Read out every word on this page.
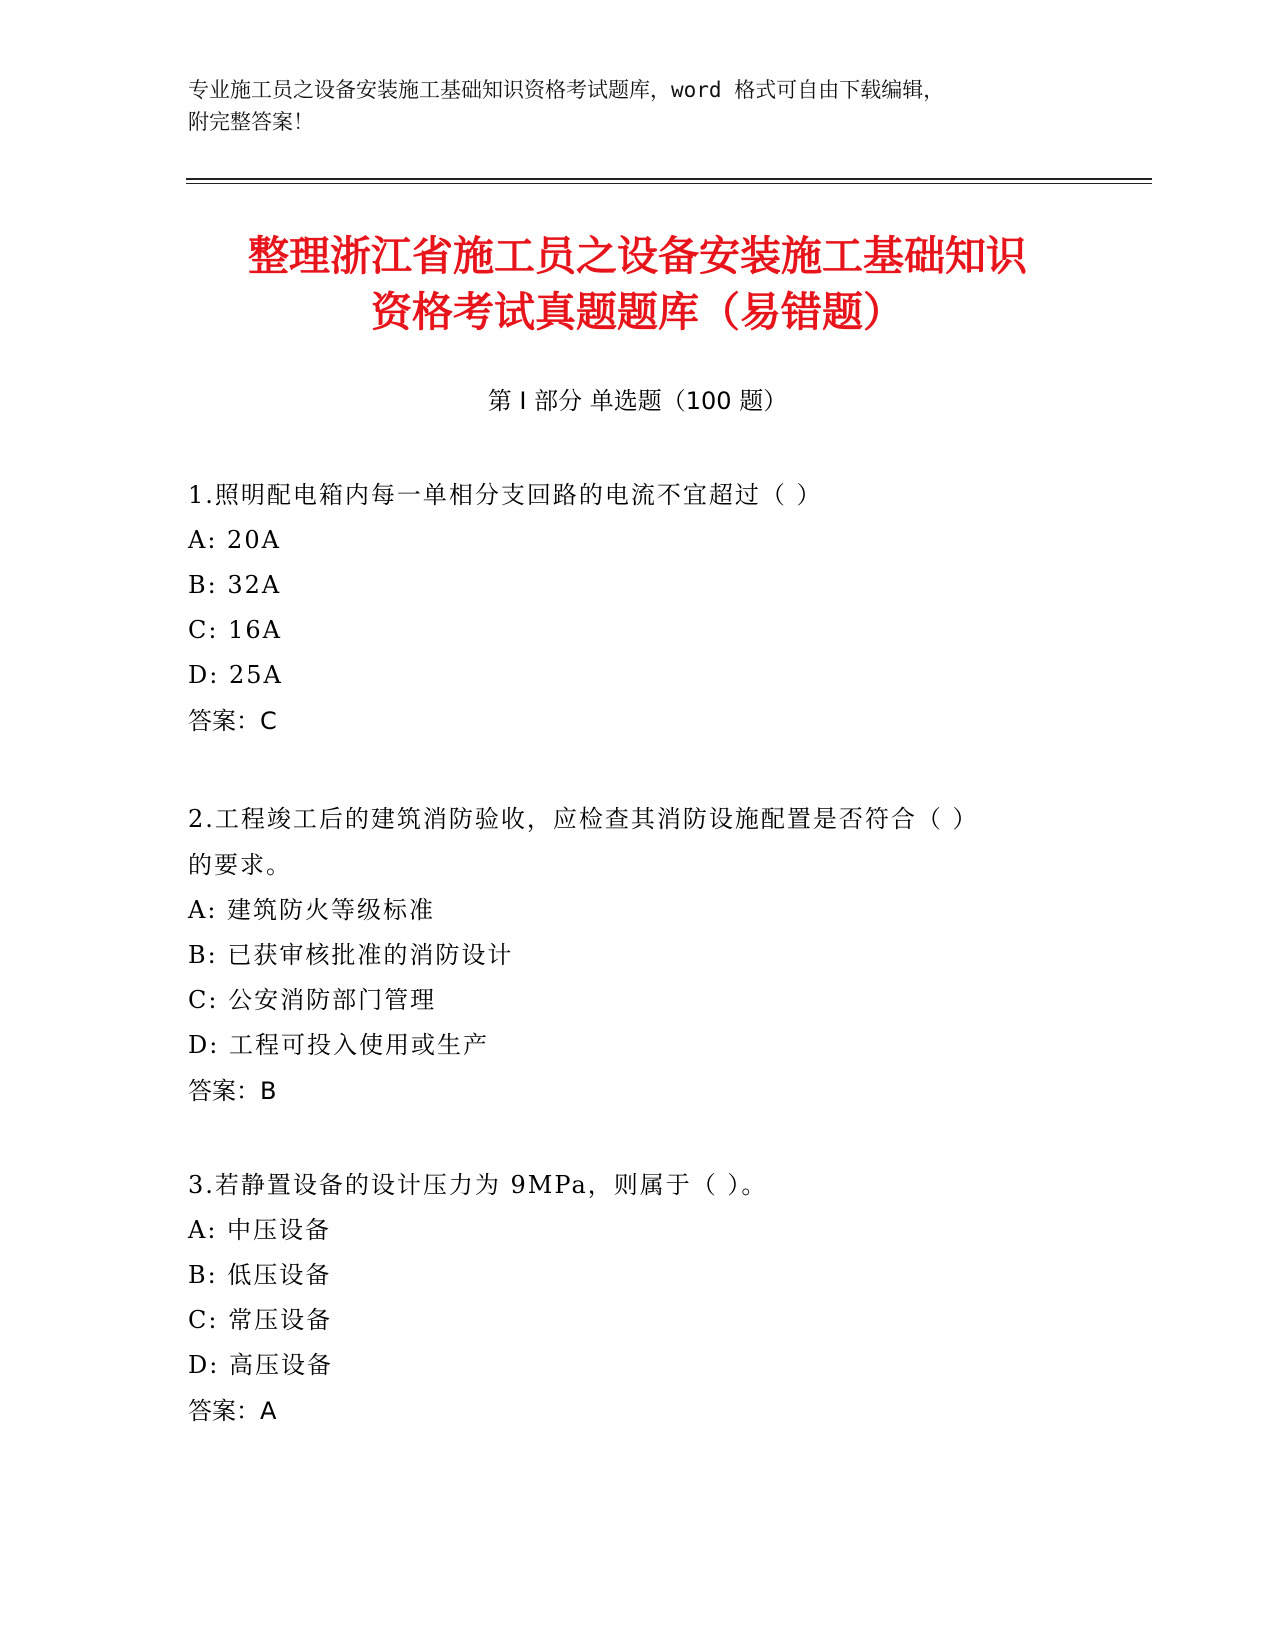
专业施工员之设备安装施工基础知识资格考试题库，word 格式可自由下载编辑，
附完整答案！
整理浙江省施工员之设备安装施工基础知识
资格考试真题题库（易错题）
第 I 部分 单选题（100 题）

1.照明配电箱内每一单相分支回路的电流不宜超过（ ）

A: 20A

B: 32A

C: 16A

D: 25A

答案：C

2.工程竣工后的建筑消防验收，应检查其消防设施配置是否符合（ ）

的要求。

A: 建筑防火等级标准

B: 已获审核批准的消防设计

C: 公安消防部门管理

D: 工程可投入使用或生产

答案：B

3.若静置设备的设计压力为 9MPa，则属于（ ）。

A: 中压设备

B: 低压设备

C: 常压设备

D: 高压设备

答案：A
